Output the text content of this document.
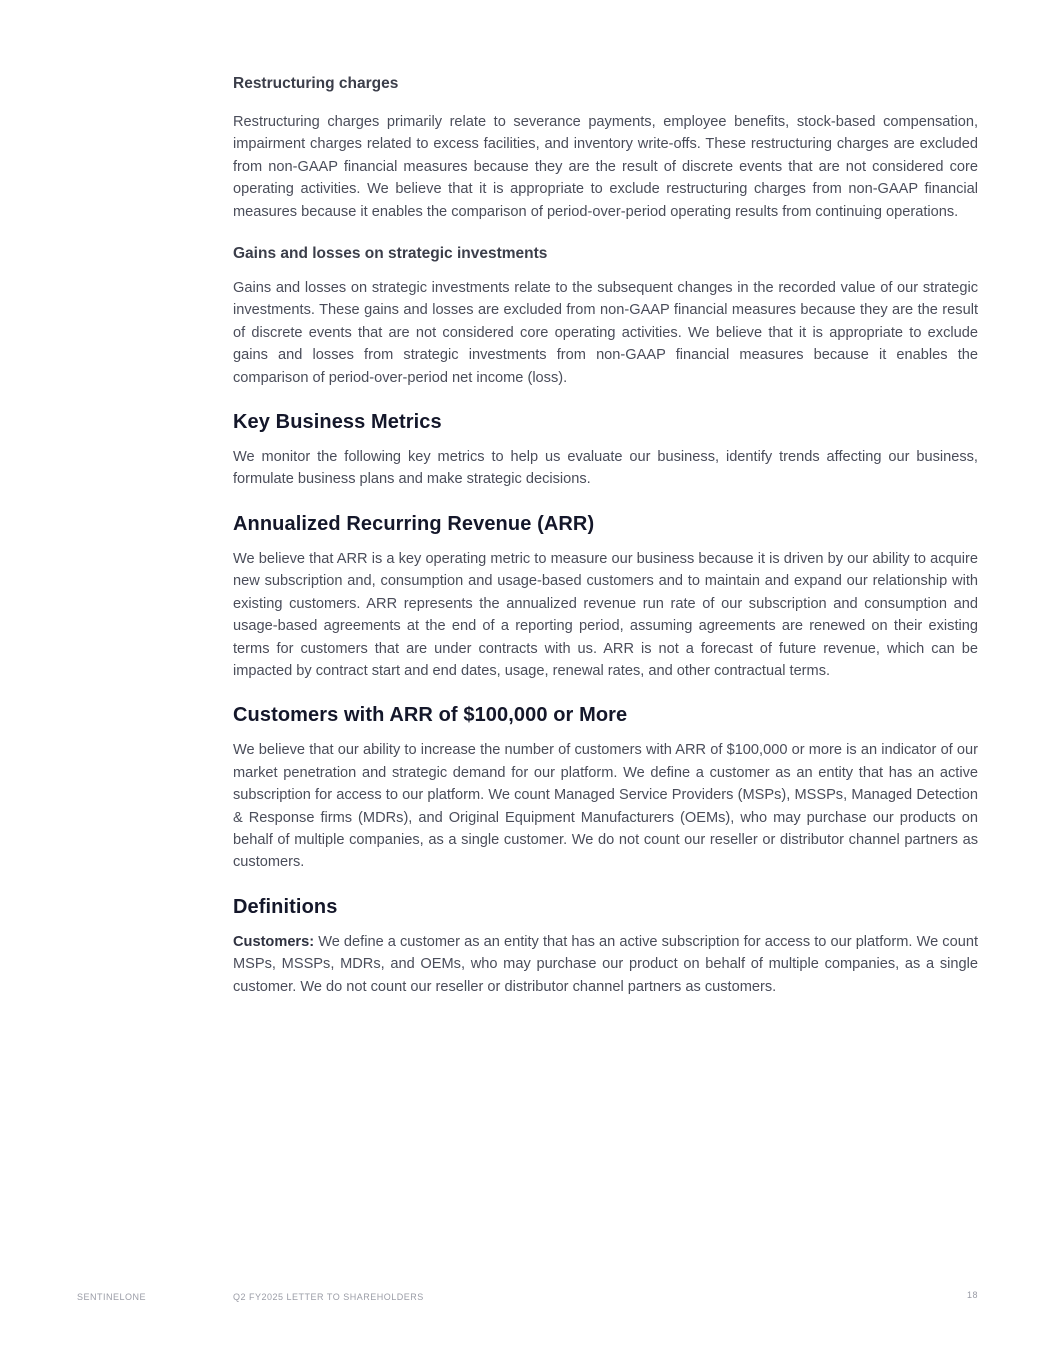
Restructuring charges

Restructuring charges primarily relate to severance payments, employee benefits, stock-based compensation, impairment charges related to excess facilities, and inventory write-offs. These restructuring charges are excluded from non-GAAP financial measures because they are the result of discrete events that are not considered core operating activities. We believe that it is appropriate to exclude restructuring charges from non-GAAP financial measures because it enables the comparison of period-over-period operating results from continuing operations.

Gains and losses on strategic investments

Gains and losses on strategic investments relate to the subsequent changes in the recorded value of our strategic investments. These gains and losses are excluded from non-GAAP financial measures because they are the result of discrete events that are not considered core operating activities. We believe that it is appropriate to exclude gains and losses from strategic investments from non-GAAP financial measures because it enables the comparison of period-over-period net income (loss).

Key Business Metrics

We monitor the following key metrics to help us evaluate our business, identify trends affecting our business, formulate business plans and make strategic decisions.

Annualized Recurring Revenue (ARR)

We believe that ARR is a key operating metric to measure our business because it is driven by our ability to acquire new subscription and, consumption and usage-based customers and to maintain and expand our relationship with existing customers. ARR represents the annualized revenue run rate of our subscription and consumption and usage-based agreements at the end of a reporting period, assuming agreements are renewed on their existing terms for customers that are under contracts with us. ARR is not a forecast of future revenue, which can be impacted by contract start and end dates, usage, renewal rates, and other contractual terms.

Customers with ARR of $100,000 or More

We believe that our ability to increase the number of customers with ARR of $100,000 or more is an indicator of our market penetration and strategic demand for our platform. We define a customer as an entity that has an active subscription for access to our platform. We count Managed Service Providers (MSPs), MSSPs, Managed Detection & Response firms (MDRs), and Original Equipment Manufacturers (OEMs), who may purchase our products on behalf of multiple companies, as a single customer. We do not count our reseller or distributor channel partners as customers.

Definitions

Customers: We define a customer as an entity that has an active subscription for access to our platform. We count MSPs, MSSPs, MDRs, and OEMs, who may purchase our product on behalf of multiple companies, as a single customer. We do not count our reseller or distributor channel partners as customers.

SENTINELONE	Q2 FY2025 LETTER TO SHAREHOLDERS	18
